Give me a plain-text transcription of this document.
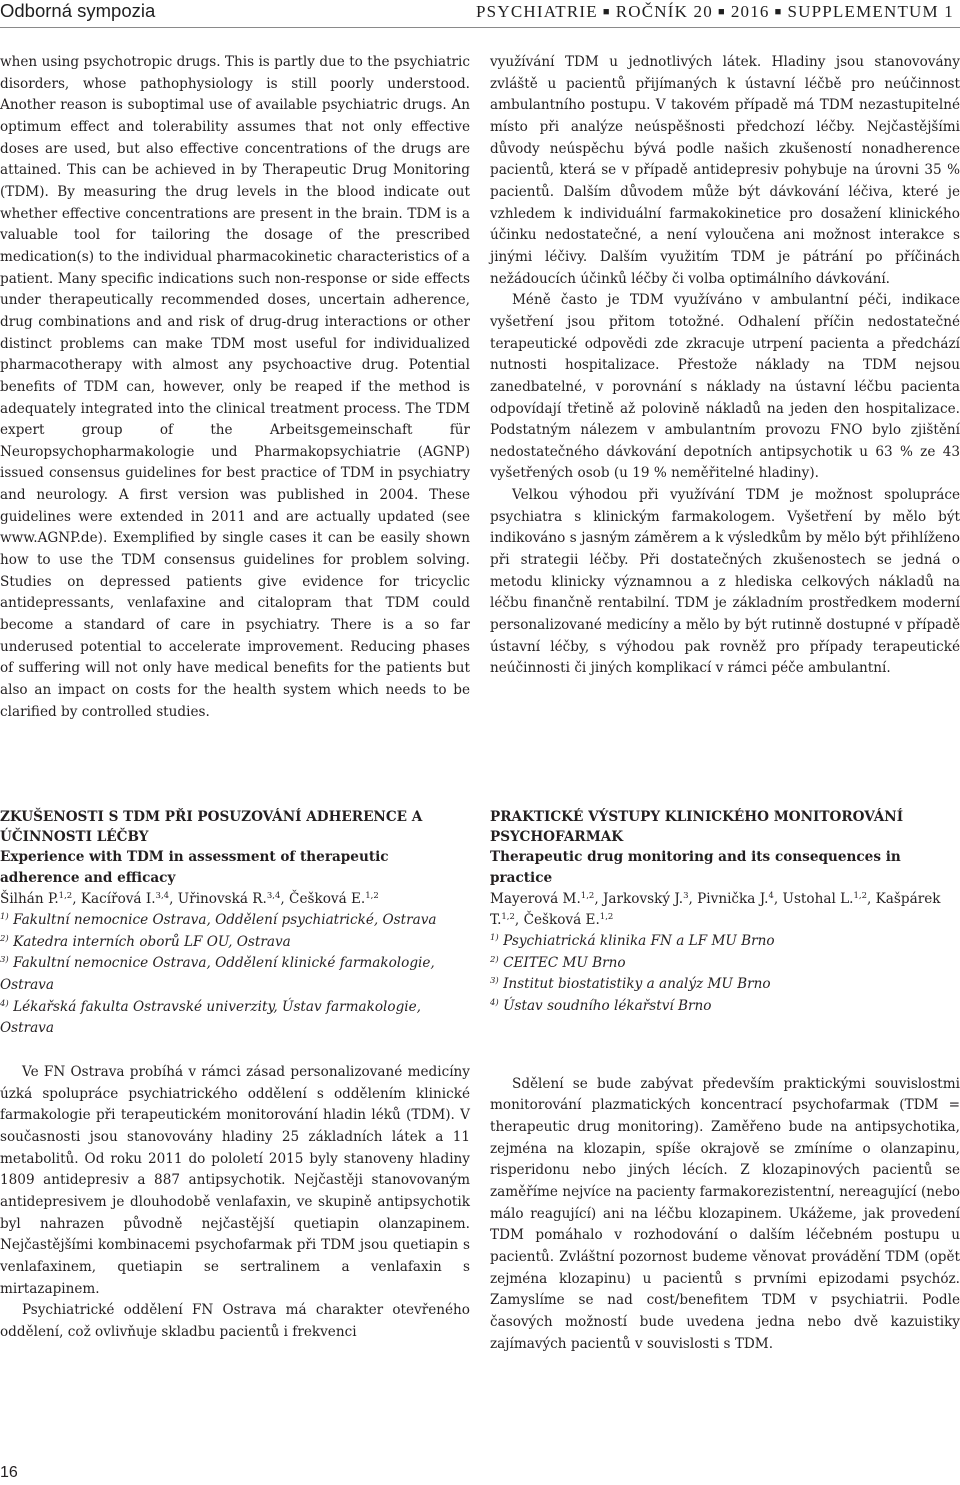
Odborná sympozia	PSYCHIATRIE ■ ROČNÍK 20 ■ 2016 ■ SUPPLEMENTUM 1

when using psychotropic drugs. This is partly due to the psychiatric disorders, whose pathophysiology is still poorly understood. Another reason is suboptimal use of available psychiatric drugs. An optimum effect and tolerability assumes that not only effective doses are used, but also effective concentrations of the drugs are attained. This can be achieved in by Therapeutic Drug Monitoring (TDM). By measuring the drug levels in the blood indicate out whether effective concentrations are present in the brain. TDM is a valuable tool for tailoring the dosage of the prescribed medication(s) to the individual pharmacokinetic characteristics of a patient. Many specific indications such non-response or side effects under therapeutically recommended doses, uncertain adherence, drug combinations and and risk of drug-drug interactions or other distinct problems can make TDM most useful for individualized pharmacotherapy with almost any psychoactive drug. Potential benefits of TDM can, however, only be reaped if the method is adequately integrated into the clinical treatment process. The TDM expert group of the Arbeitsgemeinschaft für Neuropsychopharmakologie und Pharmakopsychiatrie (AGNP) issued consensus guidelines for best practice of TDM in psychiatry and neurology. A first version was published in 2004. These guidelines were extended in 2011 and are actually updated (see www.AGNP.de). Exemplified by single cases it can be easily shown how to use the TDM consensus guidelines for problem solving. Studies on depressed patients give evidence for tricyclic antidepressants, venlafaxine and citalopram that TDM could become a standard of care in psychiatry. There is a so far underused potential to accelerate improvement. Reducing phases of suffering will not only have medical benefits for the patients but also an impact on costs for the health system which needs to be clarified by controlled studies.

využívání TDM u jednotlivých látek. Hladiny jsou stanovovány zvláště u pacientů přijímaných k ústavní léčbě pro neúčinnost ambulantního postupu. V takovém případě má TDM nezastupitelné místo při analýze neúspěšnosti předchozí léčby. Nejčastějšími důvody neúspěchu bývá podle našich zkušeností nonadherence pacientů, která se v případě antidepresiv pohybuje na úrovni 35 % pacientů. Dalším důvodem může být dávkování léčiva, které je vzhledem k individuální farmakokinetice pro dosažení klinického účinku nedostatečné, a není vyloučena ani možnost interakce s jinými léčivy. Dalším využitím TDM je pátrání po příčinách nežádoucích účinků léčby či volba optimálního dávkování.

Méně často je TDM využíváno v ambulantní péči, indikace vyšetření jsou přitom totožné. Odhalení příčin nedostatečné terapeutické odpovědi zde zkracuje utrpení pacienta a předchází nutnosti hospitalizace. Přestože náklady na TDM nejsou zanedbatelné, v porovnání s náklady na ústavní léčbu pacienta odpovídají třetině až polovině nákladů na jeden den hospitalizace. Podstatným nálezem v ambulantním provozu FNO bylo zjištění nedostatečného dávkování depotních antipsychotik u 63 % ze 43 vyšetřených osob (u 19 % neměřitelné hladiny).

Velkou výhodou při využívání TDM je možnost spolupráce psychiatra s klinickým farmakologem. Vyšetření by mělo být indikováno s jasným záměrem a k výsledkům by mělo být přihlíženo při strategii léčby. Při dostatečných zkušenostech se jedná o metodu klinicky významnou a z hlediska celkových nákladů na léčbu finančně rentabilní. TDM je základním prostředkem moderní personalizované medicíny a mělo by být rutinně dostupné v případě ústavní léčby, s výhodou pak rovněž pro případy terapeutické neúčinnosti či jiných komplikací v rámci péče ambulantní.

ZKUŠENOSTI S TDM PŘI POSUZOVÁNÍ ADHERENCE A ÚČINNOSTI LÉČBY
Experience with TDM in assessment of therapeutic adherence and efficacy
Šilhán P.$^{1,2}$, Kacířová I.$^{3,4}$, Uřinovská R.$^{3,4}$, Češková E.$^{1,2}$
$^{1)}$ Fakultní nemocnice Ostrava, Oddělení psychiatrické, Ostrava
$^{2)}$ Katedra interních oborů LF OU, Ostrava
$^{3)}$ Fakultní nemocnice Ostrava, Oddělení klinické farmakologie, Ostrava
$^{4)}$ Lékařská fakulta Ostravské univerzity, Ústav farmakologie, Ostrava

Ve FN Ostrava probíhá v rámci zásad personalizované medicíny úzká spolupráce psychiatrického oddělení s oddělením klinické farmakologie při terapeutickém monitorování hladin léků (TDM). V současnosti jsou stanovovány hladiny 25 základních látek a 11 metabolitů. Od roku 2011 do pololetí 2015 byly stanoveny hladiny 1809 antidepresiv a 887 antipsychotik. Nejčastěji stanovovaným antidepresivem je dlouhodobě venlafaxin, ve skupině antipsychotik byl nahrazen původně nejčastější quetiapin olanzapinem. Nejčastějšími kombinacemi psychofarmak při TDM jsou quetiapin s venlafaxinem, quetiapin se sertralinem a venlafaxin s mirtazapinem.

Psychiatrické oddělení FN Ostrava má charakter otevřeného oddělení, což ovlivňuje skladbu pacientů i frekvenci

PRAKTICKÉ VÝSTUPY KLINICKÉHO MONITOROVÁNÍ PSYCHOFARMAK
Therapeutic drug monitoring and its consequences in practice
Mayerová M.$^{1,2}$, Jarkovský J.$^3$, Pivnička J.$^4$, Ustohal L.$^{1,2}$, Kašpárek T.$^{1,2}$, Češková E.$^{1,2}$
$^{1)}$ Psychiatrická klinika FN a LF MU Brno
$^{2)}$ CEITEC MU Brno
$^{3)}$ Institut biostatistiky a analýz MU Brno
$^{4)}$ Ústav soudního lékařství Brno

Sdělení se bude zabývat především praktickými souvislostmi monitorování plazmatických koncentrací psychofarmak (TDM = therapeutic drug monitoring). Zaměřeno bude na antipsychotika, zejména na klozapin, spíše okrajově se zmíníme o olanzapinu, risperidonu nebo jiných lécích. Z klozapinových pacientů se zaměříme nejvíce na pacienty farmakorezistentní, nereagující (nebo málo reagující) ani na léčbu klozapinem. Ukážeme, jak provedení TDM pomáhalo v rozhodování o dalším léčebném postupu u pacientů. Zvláštní pozornost budeme věnovat provádění TDM (opět zejména klozapinu) u pacientů s prvními epizodami psychóz. Zamyslíme se nad cost/benefitem TDM v psychiatrii. Podle časových možností bude uvedena jedna nebo dvě kazuistiky zajímavých pacientů v souvislosti s TDM.

16
